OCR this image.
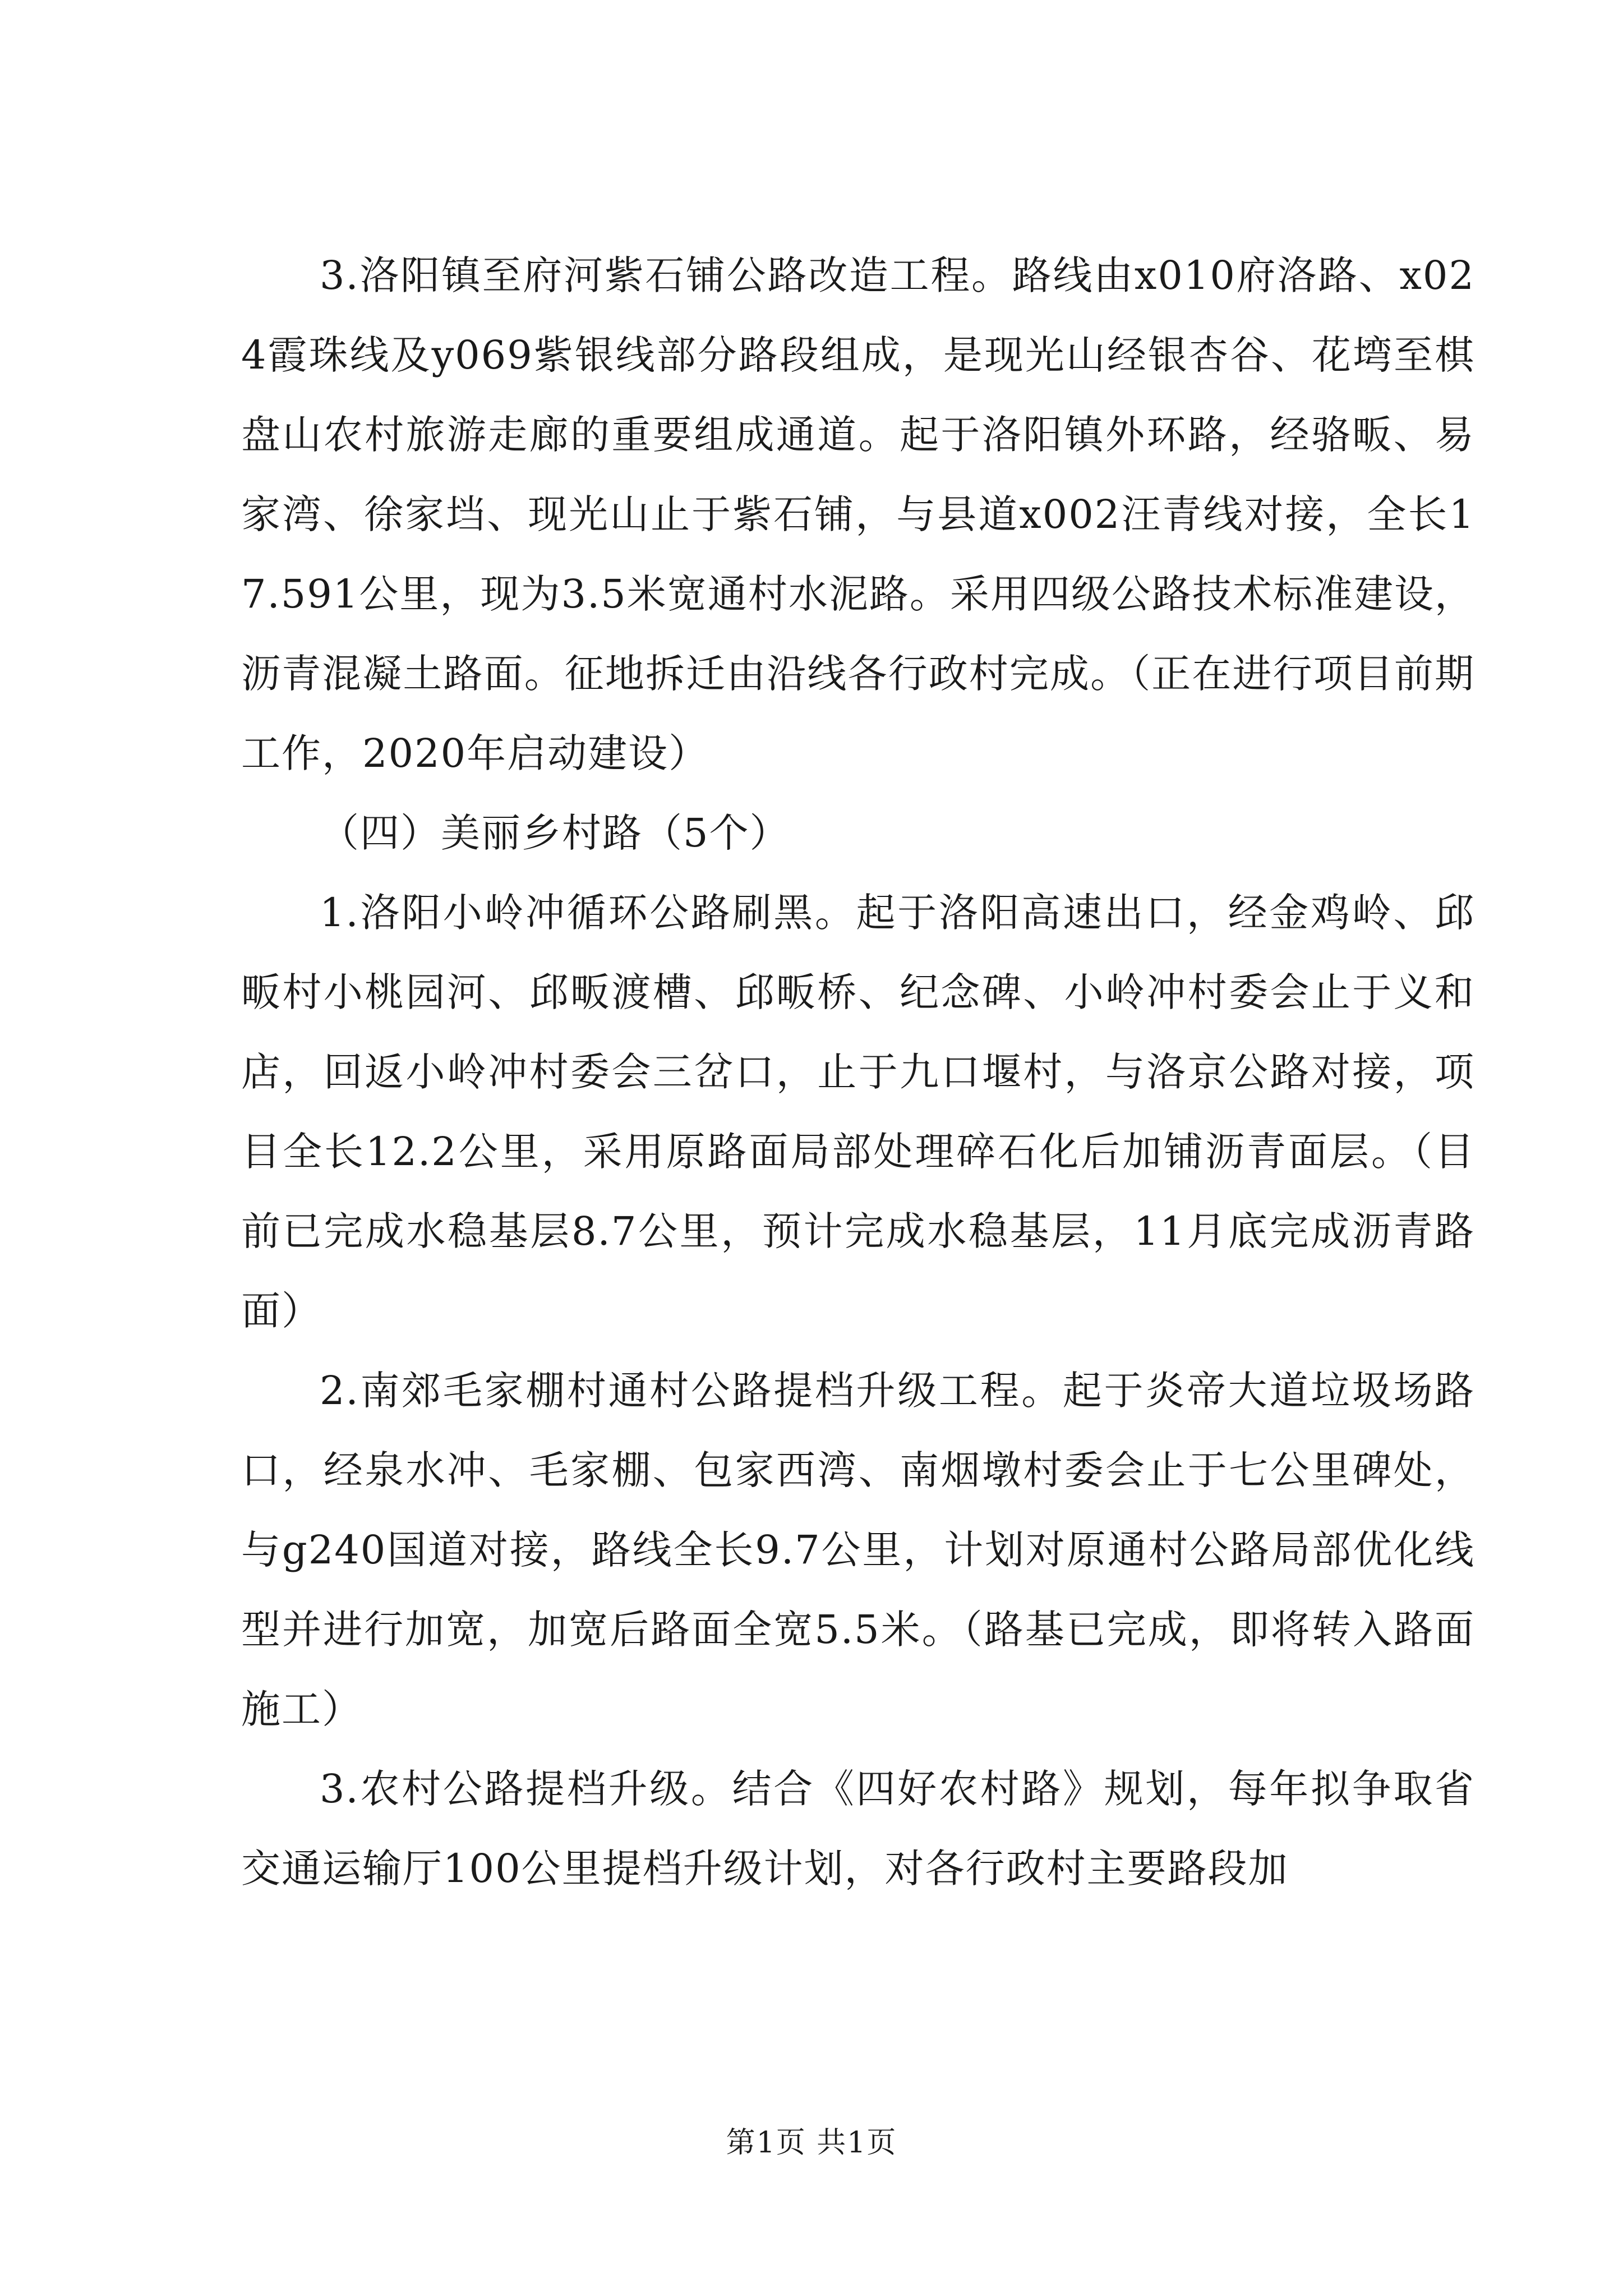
3.洛阳镇至府河紫石铺公路改造工程。路线由x010府洛路、x024霞珠线及y069紫银线部分路段组成，是现光山经银杏谷、花塆至棋盘山农村旅游走廊的重要组成通道。起于洛阳镇外环路，经骆畈、易家湾、徐家垱、现光山止于紫石铺，与县道x002汪青线对接，全长17.591公里，现为3.5米宽通村水泥路。采用四级公路技术标准建设，沥青混凝土路面。征地拆迁由沿线各行政村完成。（正在进行项目前期工作，2020年启动建设）

（四）美丽乡村路（5个）

1.洛阳小岭冲循环公路刷黑。起于洛阳高速出口，经金鸡岭、邱畈村小桃园河、邱畈渡槽、邱畈桥、纪念碑、小岭冲村委会止于义和店，回返小岭冲村委会三岔口，止于九口堰村，与洛京公路对接，项目全长12.2公里，采用原路面局部处理碎石化后加铺沥青面层。（目前已完成水稳基层8.7公里，预计完成水稳基层，11月底完成沥青路面）

2.南郊毛家棚村通村公路提档升级工程。起于炎帝大道垃圾场路口，经泉水冲、毛家棚、包家西湾、南烟墩村委会止于七公里碑处，与g240国道对接，路线全长9.7公里，计划对原通村公路局部优化线型并进行加宽，加宽后路面全宽5.5米。（路基已完成，即将转入路面施工）

3.农村公路提档升级。结合《四好农村路》规划，每年拟争取省交通运输厅100公里提档升级计划，对各行政村主要路段加

第1页 共1页
